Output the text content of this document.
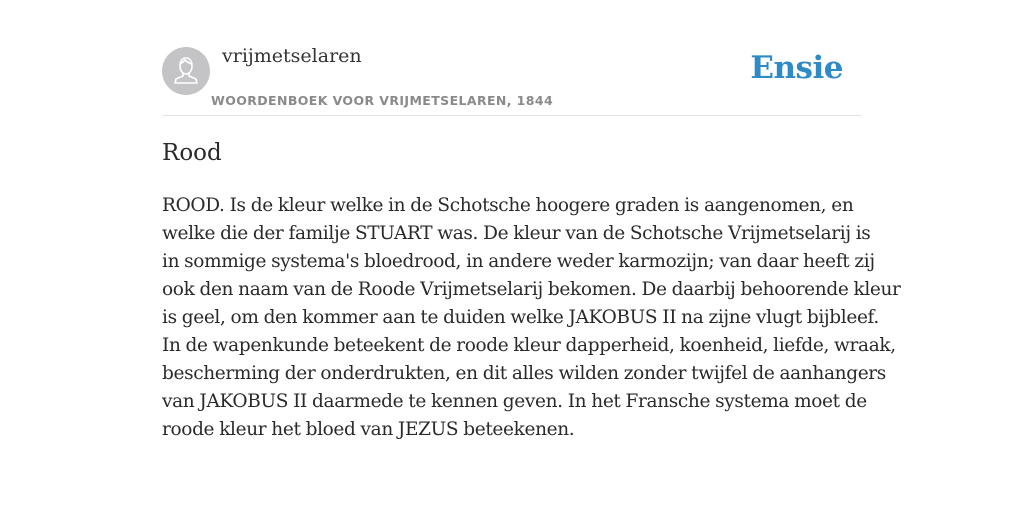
vrijmetselaren
WOORDENBOEK VOOR VRIJMETSELAREN, 1844
Ensie
Rood
ROOD. Is de kleur welke in de Schotsche hoogere graden is aangenomen, en
welke die der familje STUART was. De kleur van de Schotsche Vrijmetselarij is
in sommige systema's bloedrood, in andere weder karmozijn; van daar heeft zij
ook den naam van de Roode Vrijmetselarij bekomen. De daarbij behoorende kleur
is geel, om den kommer aan te duiden welke JAKOBUS II na zijne vlugt bijbleef.
In de wapenkunde beteekent de roode kleur dapperheid, koenheid, liefde, wraak,
bescherming der onderdrukten, en dit alles wilden zonder twijfel de aanhangers
van JAKOBUS II daarmede te kennen geven. In het Fransche systema moet de
roode kleur het bloed van JEZUS beteekenen.
